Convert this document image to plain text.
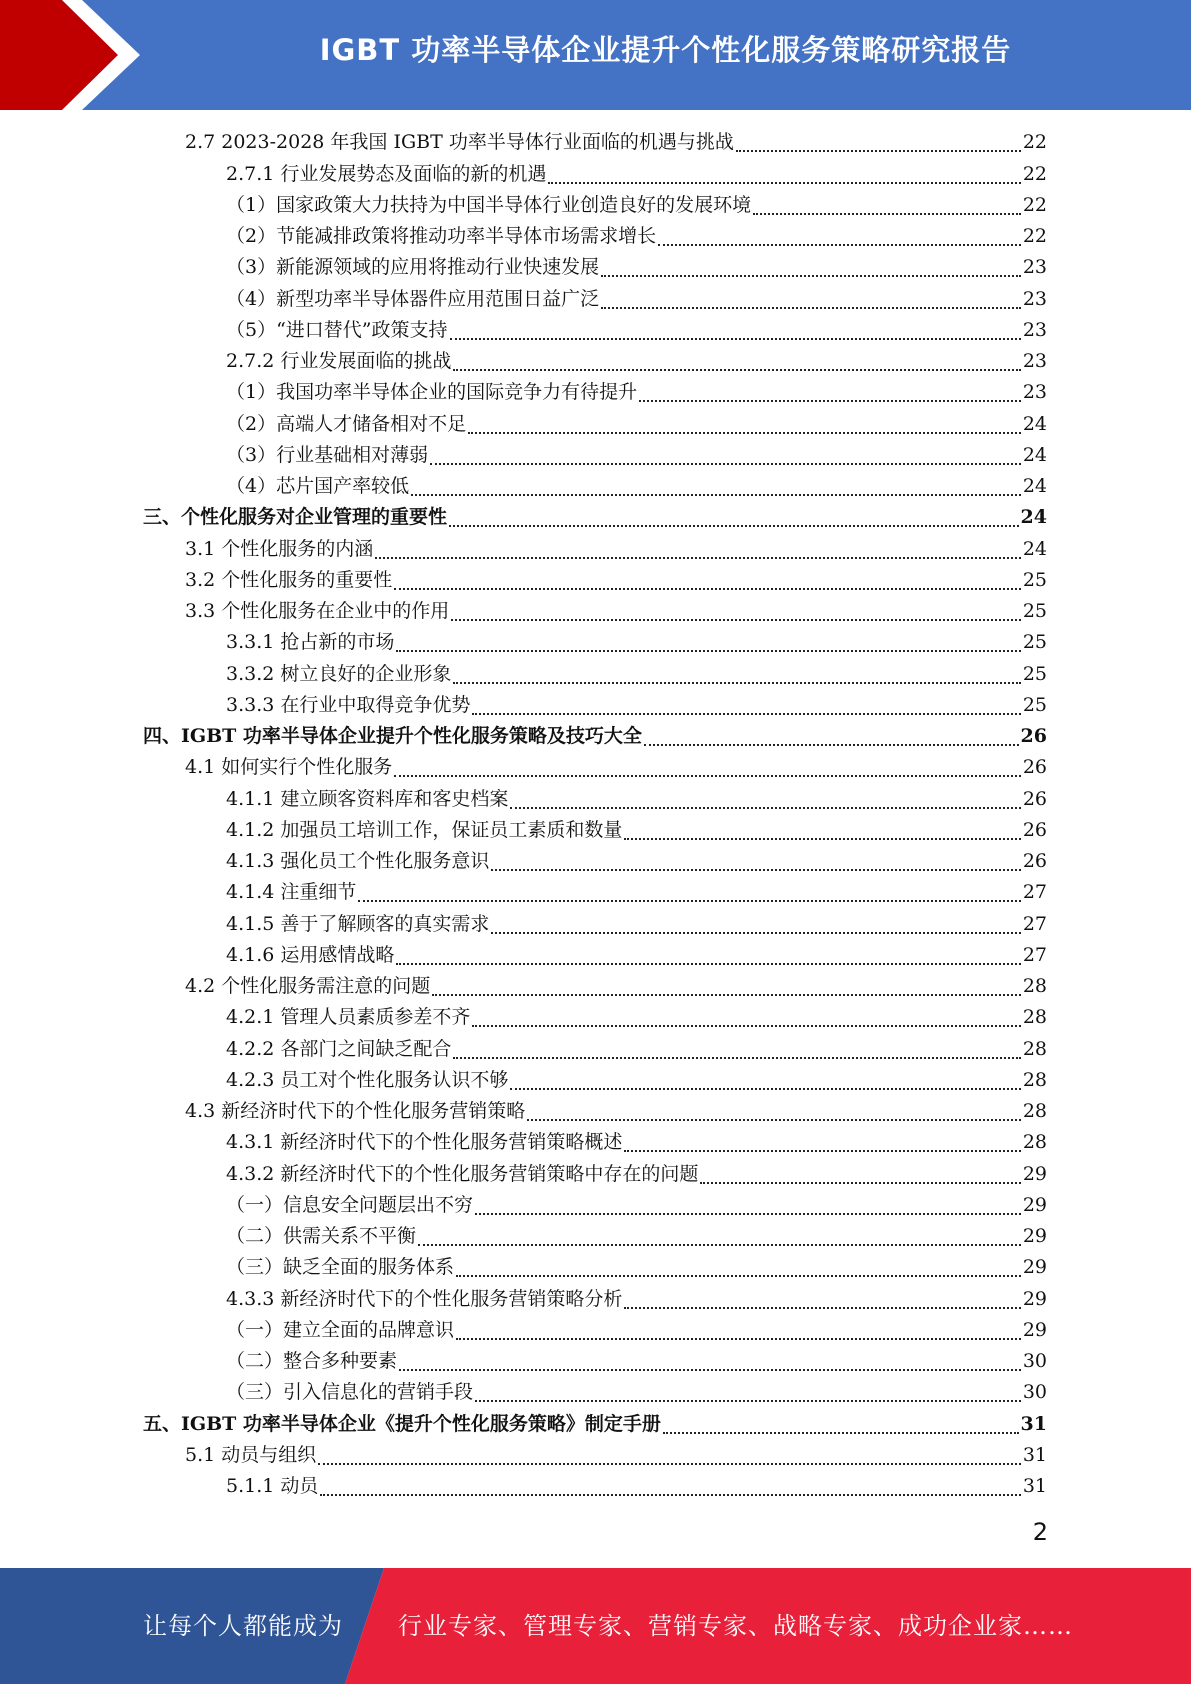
IGBT 功率半导体企业提升个性化服务策略研究报告
2.7 2023-2028 年我国 IGBT 功率半导体行业面临的机遇与挑战	22
2.7.1 行业发展势态及面临的新的机遇	22
（1）国家政策大力扶持为中国半导体行业创造良好的发展环境	22
（2）节能减排政策将推动功率半导体市场需求增长	22
（3）新能源领域的应用将推动行业快速发展	23
（4）新型功率半导体器件应用范围日益广泛	23
（5）“进口替代”政策支持	23
2.7.2 行业发展面临的挑战	23
（1）我国功率半导体企业的国际竞争力有待提升	23
（2）高端人才储备相对不足	24
（3）行业基础相对薄弱	24
（4）芯片国产率较低	24
三、个性化服务对企业管理的重要性	24
3.1 个性化服务的内涵	24
3.2 个性化服务的重要性	25
3.3 个性化服务在企业中的作用	25
3.3.1 抢占新的市场	25
3.3.2 树立良好的企业形象	25
3.3.3 在行业中取得竞争优势	25
四、IGBT 功率半导体企业提升个性化服务策略及技巧大全	26
4.1 如何实行个性化服务	26
4.1.1 建立顾客资料库和客史档案	26
4.1.2 加强员工培训工作，保证员工素质和数量	26
4.1.3 强化员工个性化服务意识	26
4.1.4 注重细节	27
4.1.5 善于了解顾客的真实需求	27
4.1.6 运用感情战略	27
4.2 个性化服务需注意的问题	28
4.2.1 管理人员素质参差不齐	28
4.2.2 各部门之间缺乏配合	28
4.2.3 员工对个性化服务认识不够	28
4.3 新经济时代下的个性化服务营销策略	28
4.3.1 新经济时代下的个性化服务营销策略概述	28
4.3.2 新经济时代下的个性化服务营销策略中存在的问题	29
（一）信息安全问题层出不穷	29
（二）供需关系不平衡	29
（三）缺乏全面的服务体系	29
4.3.3 新经济时代下的个性化服务营销策略分析	29
（一）建立全面的品牌意识	29
（二）整合多种要素	30
（三）引入信息化的营销手段	30
五、IGBT 功率半导体企业《提升个性化服务策略》制定手册	31
5.1 动员与组织	31
5.1.1 动员	31
2
让每个人都能成为 行业专家、管理专家、营销专家、战略专家、成功企业家……
